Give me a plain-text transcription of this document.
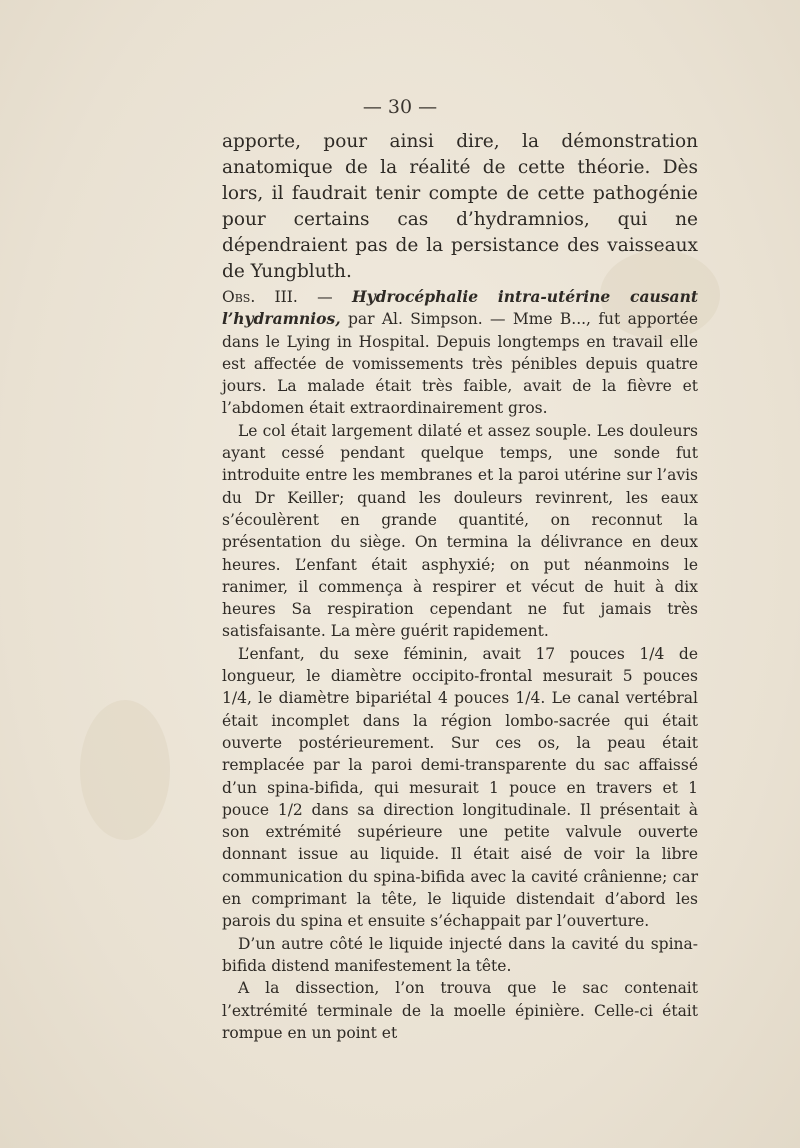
— 30 —
apporte, pour ainsi dire, la démonstration anatomique de la réalité de cette théorie. Dès lors, il faudrait tenir compte de cette pathogénie pour certains cas d’hydramnios, qui ne dépendraient pas de la persistance des vaisseaux de Yungbluth.

Obs. III. — Hydrocéphalie intra-utérine causant l’hydramnios, par Al. Simpson. — Mme B..., fut apportée dans le Lying in Hospital. Depuis longtemps en travail elle est affectée de vomissements très pénibles depuis quatre jours. La malade était très faible, avait de la fièvre et l’abdomen était extraordinairement gros.

Le col était largement dilaté et assez souple. Les douleurs ayant cessé pendant quelque temps, une sonde fut introduite entre les membranes et la paroi utérine sur l’avis du Dr Keiller; quand les douleurs revinrent, les eaux s’écoulèrent en grande quantité, on reconnut la présentation du siège. On termina la délivrance en deux heures. L’enfant était asphyxié; on put néanmoins le ranimer, il commença à respirer et vécut de huit à dix heures Sa respiration cependant ne fut jamais très satisfaisante. La mère guérit rapidement.

L’enfant, du sexe féminin, avait 17 pouces 1/4 de longueur, le diamètre occipito-frontal mesurait 5 pouces 1/4, le diamètre bipariétal 4 pouces 1/4. Le canal vertébral était incomplet dans la région lombo-sacrée qui était ouverte postérieurement. Sur ces os, la peau était remplacée par la paroi demi-transparente du sac affaissé d’un spina-bifida, qui mesurait 1 pouce en travers et 1 pouce 1/2 dans sa direction longitudinale. Il présentait à son extrémité supérieure une petite valvule ouverte donnant issue au liquide. Il était aisé de voir la libre communication du spina-bifida avec la cavité crânienne; car en comprimant la tête, le liquide distendait d’abord les parois du spina et ensuite s’échappait par l’ouverture.

D’un autre côté le liquide injecté dans la cavité du spina-bifida distend manifestement la tête.

A la dissection, l’on trouva que le sac contenait l’extrémité terminale de la moelle épinière. Celle-ci était rompue en un point et
